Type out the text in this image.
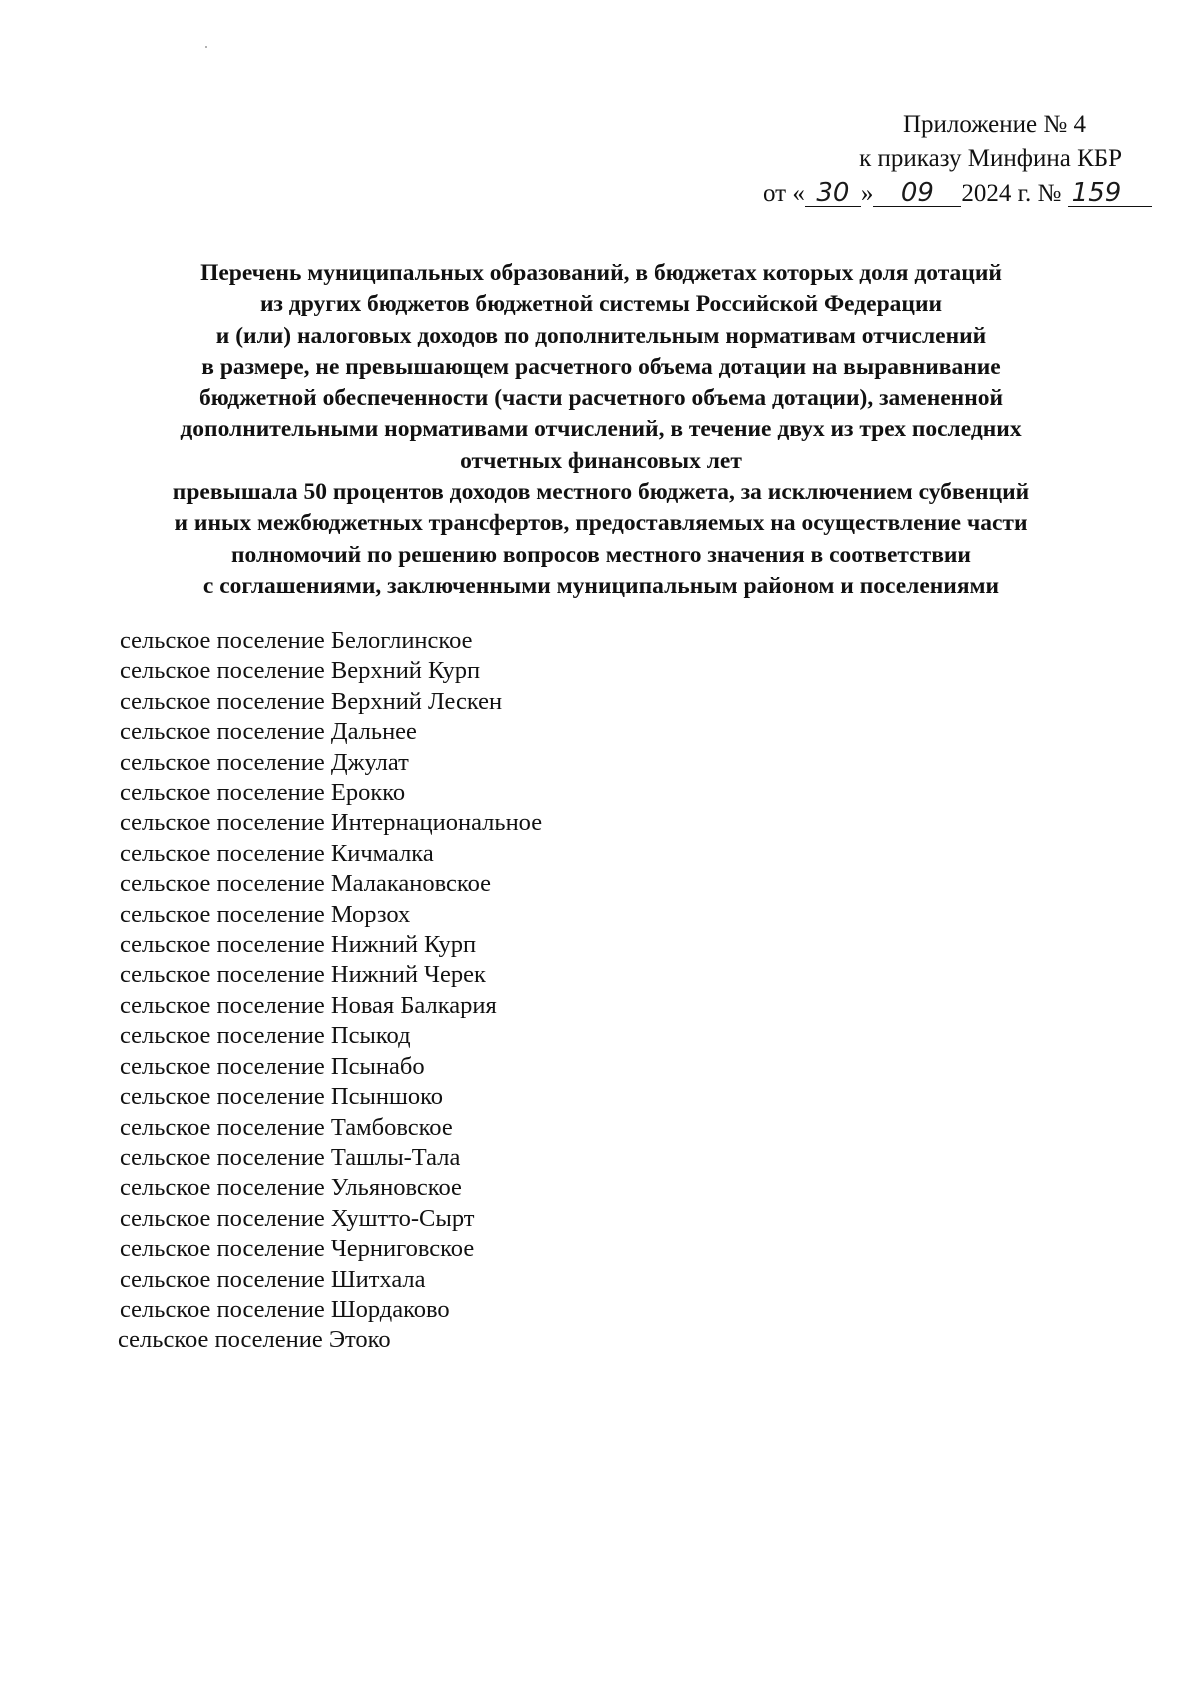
Приложение № 4
к приказу Минфина КБР
от « 30 » 09 2024 г. № 159
Перечень муниципальных образований, в бюджетах которых доля дотаций
из других бюджетов бюджетной системы Российской Федерации
и (или) налоговых доходов по дополнительным нормативам отчислений
в размере, не превышающем расчетного объема дотации на выравнивание
бюджетной обеспеченности (части расчетного объема дотации), замененной
дополнительными нормативами отчислений, в течение двух из трех последних
отчетных финансовых лет
превышала 50 процентов доходов местного бюджета, за исключением субвенций
и иных межбюджетных трансфертов, предоставляемых на осуществление части
полномочий по решению вопросов местного значения в соответствии
с соглашениями, заключенными муниципальным районом и поселениями
сельское поселение Белоглинское
сельское поселение Верхний Курп
сельское поселение Верхний Лескен
сельское поселение Дальнее
сельское поселение Джулат
сельское поселение Ерокко
сельское поселение Интернациональное
сельское поселение Кичмалка
сельское поселение Малакановское
сельское поселение Морзох
сельское поселение Нижний Курп
сельское поселение Нижний Черек
сельское поселение Новая Балкария
сельское поселение Псыкод
сельское поселение Псынабо
сельское поселение Псыншоко
сельское поселение Тамбовское
сельское поселение Ташлы-Тала
сельское поселение Ульяновское
сельское поселение Хуштто-Сырт
сельское поселение Черниговское
сельское поселение Шитхала
сельское поселение Шордаково
сельское поселение Этоко
